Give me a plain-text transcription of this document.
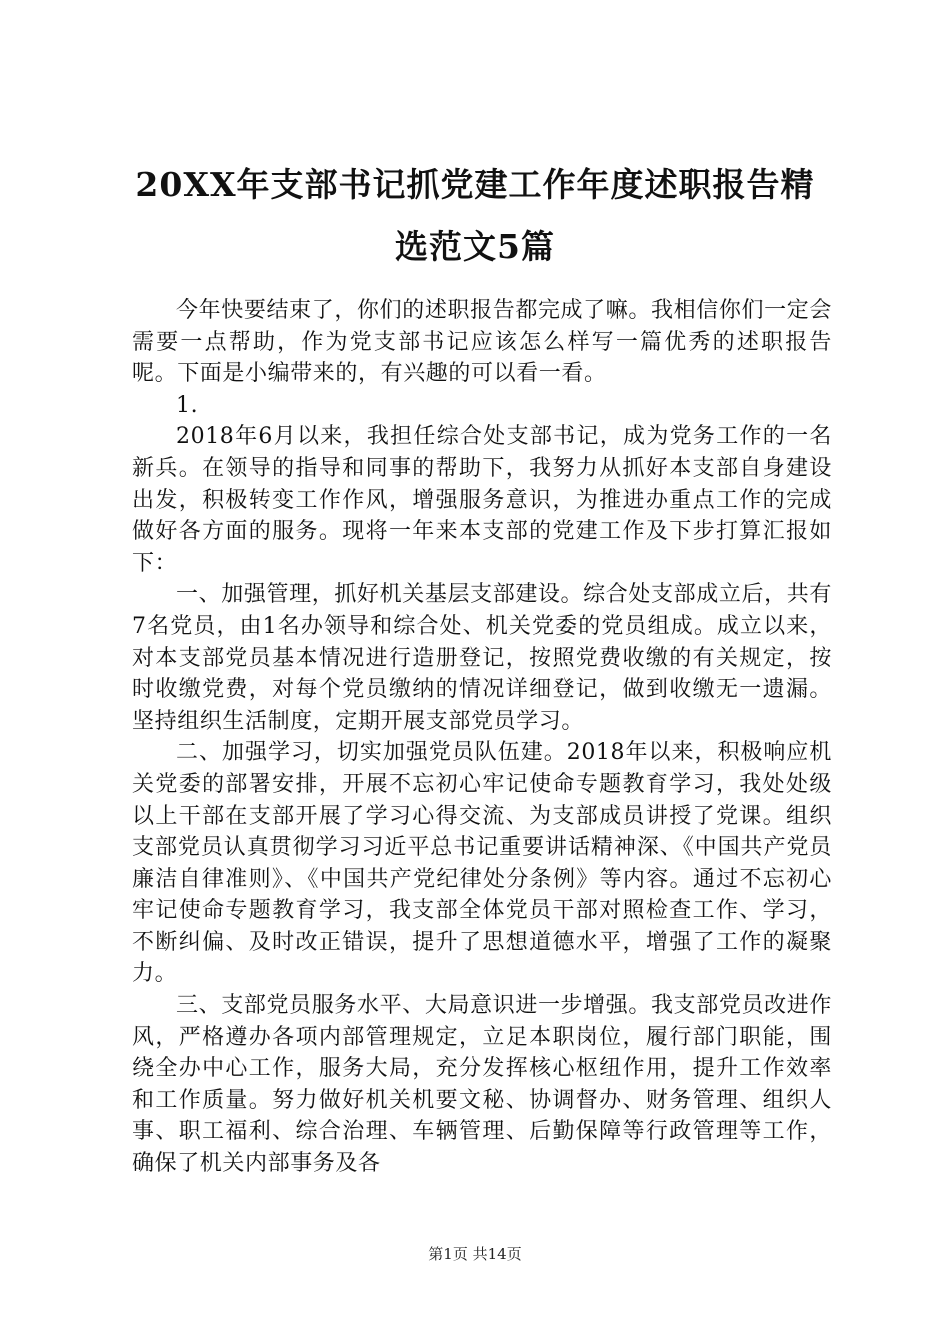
20XX年支部书记抓党建工作年度述职报告精
选范文5篇

今年快要结束了，你们的述职报告都完成了嘛。我相信你们一定会需要一点帮助，作为党支部书记应该怎么样写一篇优秀的述职报告呢。下面是小编带来的，有兴趣的可以看一看。

1.

2018年6月以来，我担任综合处支部书记，成为党务工作的一名新兵。在领导的指导和同事的帮助下，我努力从抓好本支部自身建设出发，积极转变工作作风，增强服务意识，为推进办重点工作的完成做好各方面的服务。现将一年来本支部的党建工作及下步打算汇报如下：

一、加强管理，抓好机关基层支部建设。综合处支部成立后，共有7名党员，由1名办领导和综合处、机关党委的党员组成。成立以来，对本支部党员基本情况进行造册登记，按照党费收缴的有关规定，按时收缴党费，对每个党员缴纳的情况详细登记，做到收缴无一遗漏。坚持组织生活制度，定期开展支部党员学习。

二、加强学习，切实加强党员队伍建。2018年以来，积极响应机关党委的部署安排，开展不忘初心牢记使命专题教育学习，我处处级以上干部在支部开展了学习心得交流、为支部成员讲授了党课。组织支部党员认真贯彻学习习近平总书记重要讲话精神深、《中国共产党员廉洁自律准则》、《中国共产党纪律处分条例》等内容。通过不忘初心牢记使命专题教育学习，我支部全体党员干部对照检查工作、学习，不断纠偏、及时改正错误，提升了思想道德水平，增强了工作的凝聚力。

三、支部党员服务水平、大局意识进一步增强。我支部党员改进作风，严格遵办各项内部管理规定，立足本职岗位，履行部门职能，围绕全办中心工作，服务大局，充分发挥核心枢纽作用，提升工作效率和工作质量。努力做好机关机要文秘、协调督办、财务管理、组织人事、职工福利、综合治理、车辆管理、后勤保障等行政管理等工作，确保了机关内部事务及各

第1页 共14页
